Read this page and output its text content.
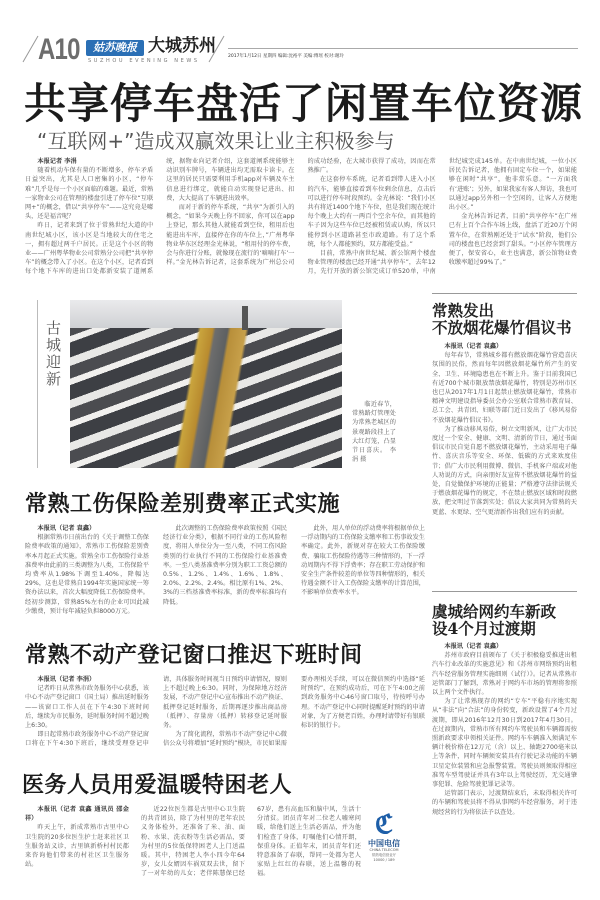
A10	姑苏晚报 大城苏州
SUZHOU EVENING NEWS
2017年1月12日 星期四 编辑:沈裕平 美编:傅瑶 校对:谢玲
共享停车盘活了闲置车位资源
“互联网+”造成双赢效果让业主积极参与

本报记者 李涓

随着机动车保有量的不断增多，停车矛盾日益突出，尤其是人口密集的小区，“停车难”几乎是每一个小区面临的难题。最近，常熟一家物业公司在管理的楼盘引进了停车位“互联网+”的概念，借以“共享停车”——这究竟是噱头，还是福音呢？

昨日，记者来到了位于常熟世纪大道的中南世纪城小区，该小区是当地较大的住宅之一，拥有超过两千户居民。正是这个小区的物业——广州粤华物业公司常熟分公司把“共享停车”的概念带入了小区。在这个小区，记者看到每个地下车库的进出口处都新安装了道闸系统，据物业向记者介绍，这套道闸系统能够主动识别车牌号，车辆进出均无需取卡读卡。在这里的居民只需要利用手机app对车辆及车主信息进行绑定，就能自动实现登记进出、扣费，大大提高了车辆进出效率。

而对于新的停车系统，“共享”为新引入的概念，“如果今天晚上你不回家，你可以在app上登记，那么其他人就能看到空位，租用后也能进出车库，直接停在你的车位上，”广州粤华物业华东区经理金光林说，“租用付的停车费，会与你进行分账，就像现在流行的‘嘀嘀打车’一样。”金光林告诉记者，这套系统为广州总公司的成功经验，在大城市获得了成功，因而在常熟推广。

在这套停车系统，记者看到带人进入小区的汽车，能够直接看到车位剩余信息，点击后可以进行停车时段预约。金光林说：“我们小区共有将近1400个地下车位，但是我们现在统计每个晚上大约有一两百个空余车位，而其他的车子因为这些车位已经被租赁或认购，所以只能停到小区道路甚至市政道路。有了这个系统，每个人都能预约，双方都能受益。”

目前，常熟中南世纪城、新公馆两个楼盘物业管理的楼盘已经开通“共享停车”，去年12月，先行开放的新公馆完成订单520单，中南世纪城完成145单。在中南世纪城，一位小区居民告诉记者，他拥有固定车位一个，如果能够在闲时“共享”，他非常乐意。“一方面我有‘进账’；另外，如果我家有客人拜访，我也可以通过app另外租一个空闲的，让客人方便地出小区。”

金光林告诉记者，目前“共享停车”在广州已有上百个合作车场上线，盘活了近20万个闲置车位，在常熟刚还处于“试水”阶段，他们公司的楼盘也已经尝到了甜头。“小区停车管理方便了，保安省心，业主也满意，新公馆物业费收缴率超过99%了。”

古城迎新

临近春节，常熟路灯管理处为常熟老城区的景观路段挂上了大红灯笼，凸显节日喜庆。 李涓 摄

常熟发出
不放烟花爆竹倡议书

本报讯（记者 袁鑫）

每年春节，常熟城乡都有燃放烟花爆竹营造喜庆氛围的民俗，然而每年因燃放烟花爆竹所产生的安全、卫生、环境隐患也在不断上升。鉴于目前我国已有近700个城市限放禁放烟花爆竹，特别是苏州市区也已从2017年1月1日起禁止燃放烟花爆竹，常熟市精神文明建设指导委员会办公室联合常熟市教育局、总工会、共青团、妇联等部门近日发出了《移风易俗 不放烟花爆竹倡议书》。

为了推动移风易俗，树立文明新风，让广大市民度过一个安全、健康、文明、清新的节日，通过书面倡议市民自觉自愿不燃放烟花爆竹，主动采用电子爆竹、喜庆音乐等安全、环保、低碳的方式来欢度佳节；倡广大市民利用微博、微信、手机客户端或对他人劝说的方式，向亲朋好友宣传不燃放烟花爆竹的益处，自觉做保护环境的正能量；严格遵守法律法规关于燃放烟花爆竹的规定，不在禁止燃放区域和时段燃放，把文明过节落到实处；倡议大家共同为常熟的天更蓝、水更绿、空气更清新作出我们应有的贡献。

虞城给网约车新政
设4个月过渡期

本报讯（记者 袁鑫）

苏州市政府目前颁布了《关于积极稳妥推进出租汽车行业改革的实施意见》和《苏州市网络预约出租汽车经营服务管理实施细则（试行）》。记者从常熟市运管部门了解到，常熟对于网约车市场的管理将参照以上两个文件执行。

为了让常熟现存的网约“专车”平稳有序地实现从“非法”向“合法”的身份转变，新政设置了4个月过渡期，即从2016年12月30日到2017年4月30日。在过渡期内，常熟市所有网约车驾驶员和车辆都需按照新政要求申领相关证件。网约车车辆准入须满足车辆计税价格在12万元（含）以上、轴距2700毫米以上等条件，同时车辆须安装具有行驶记录功能的车辆卫星定位装置和应急报警装置。驾驶员则须取得相应准驾车型驾驶证并具有3年以上驾驶经历，无交通肇事犯罪、危险驾驶犯罪记录等。

运管部门表示，过渡期结束后，未取得相关许可的车辆和驾驶员将不得从事网约车经营服务，对于违规经营的行为将依法予以查处。

常熟工伤保险差别费率正式实施

本报讯（记者 袁鑫）

根据常熟市日前出台的《关于调整工伤保险费率政策的通知》，常熟市工伤保险差别费率本月起正式实施。常熟全市工伤保险行业基准费率由此前的三类调整为八类，工伤保险平均费率从1.98%下调至1.40%，降幅达29%，这也是常熟自1994年实施国家统一筹资办法以来，首次大幅度降低工伤保险费率。经初步测算，常熟85%左右的企业可因此减少缴费，预计每年减轻负担8000万元。

此次调整的工伤保险费率政策按照《国民经济行业分类》，根据不同行业的工伤风险程度，将用人单位分为一至八类，不同工伤风险类别的行业执行不同的工伤保险行业基准费率。一至八类基准费率分别为职工工资总额的0.5%、1.2%、1.4%、1.6%、1.8%、2.0%、2.2%、2.4%。相比原有1%、2%、3%的三档基准费率标准，新的费率标准均有降低。

此外，用人单位的浮动费率将根据单位上一浮动期内的工伤保险支缴率和工伤事故发生率确定。此外，新规对存在较大工伤保险缴费、骗取工伤保险待遇等三种情形的，下一浮动周期内不得下浮费率；存在职工劳动保护和安全生产条件较差的单位等四种情形的，相关待遇金额不计入工伤保险支缴率的计算范围，不影响单位费率水平。

常熟不动产登记窗口推迟下班时间

本报讯（记者 李涓）

记者昨日从常熟市政务服务中心获悉，该中心不动产登记窗口（国土局）推出延时服务——该窗口工作人员在下午4:30下班时间后，继续为市民服务，延时服务时间不超过晚上6:30。

即日起常熟市政务服务中心不动产登记窗口将在下午4:30下班后，继续受理登记申请，具体服务时间视当日预约申请情况，原则上不超过晚上6:30。同时，为保障地方经济发展，不动产登记中心宣布推出不动产换证、抵押登记延时服务，后期再逐步推出商品房（抵押）、存量房（抵押）转移登记延时服务。

为了简化流程，常熟市不动产登记中心微信公众号将增加“延时预约”模块，市民如果需要办理相关手续，可以在微信预约中选择“延时预约”，在预约成功后，可在下午4:00之前到政务服务中心46号窗口取号，待按呼号办理。不动产登记中心同时提醒延时预约的申请对象，为了方便老百姓，办理时请带好有银联标识的银行卡。

医务人员用爱温暖特困老人

本报讯（记者 袁鑫 通讯员 邵金祥）

昨天上午，新成常熟市古里中心卫生院的20多位医生护士赶来社区卫生服务站义诊，古里镇新桥村村民都来咨询他们带来的村社区卫生服务站。

近22位医生都是古里中心卫生院的共青团员，除了为村里的老年农民义务体检外，还准备了米、油、面粉、水果、洗衣粉等生活必需品，要为村里的5位低保特困老人上门送温暖。其中，特困老人李小四今年64岁，女儿女婿因车祸双双去世，留下了一对年幼的儿女；老伴陈慧保已经67岁，患有高血压和脑中风，生活十分清贫。团员青年对二位老人嘘寒问暖，给他们送上生活必需品，并为他们检查了身体，叮嘱他们心情开朗，保重身体。正值年末，团员青年们还特意准备了春联，帮同一处都为老人家贴上红红的春联，送上温馨的祝福。

ℭ
中国电信
CHINA TELECOM
常熟电信营业厅
10000 / 189
